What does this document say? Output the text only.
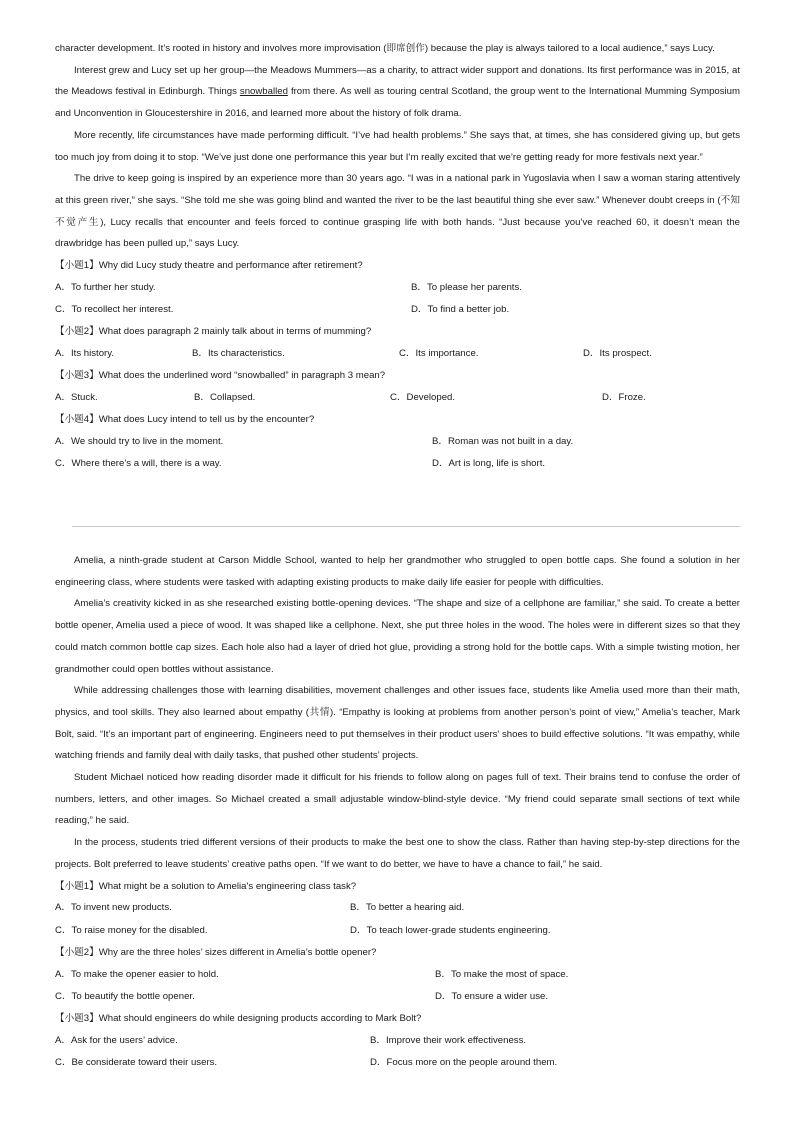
character development. It’s rooted in history and involves more improvisation (即席创作) because the play is always tailored to a local audience,” says Lucy.

Interest grew and Lucy set up her group—the Meadows Mummers—as a charity, to attract wider support and donations. Its first performance was in 2015, at the Meadows festival in Edinburgh. Things snowballed from there. As well as touring central Scotland, the group went to the International Mumming Symposium and Unconvention in Gloucestershire in 2016, and learned more about the history of folk drama.

More recently, life circumstances have made performing difficult. “I’ve had health problems.” She says that, at times, she has considered giving up, but gets too much joy from doing it to stop. “We’ve just done one performance this year but I’m really excited that we’re getting ready for more festivals next year.”

The drive to keep going is inspired by an experience more than 30 years ago. “I was in a national park in Yugoslavia when I saw a woman staring attentively at this green river,” she says. “She told me she was going blind and wanted the river to be the last beautiful thing she ever saw.” Whenever doubt creeps in (不知不觉产生), Lucy recalls that encounter and feels forced to continue grasping life with both hands. “Just because you’ve reached 60, it doesn’t mean the drawbridge has been pulled up,” says Lucy.

【小题1】Why did Lucy study theatre and performance after retirement?
A．To further her study.	B．To please her parents.
C．To recollect her interest.	D．To find a better job.
【小题2】What does paragraph 2 mainly talk about in terms of mumming?
A．Its history.	B．Its characteristics.	C．Its importance.	D．Its prospect.
【小题3】What does the underlined word “snowballed” in paragraph 3 mean?
A．Stuck.	B．Collapsed.	C．Developed.	D．Froze.
【小题4】What does Lucy intend to tell us by the encounter?
A．We should try to live in the moment.	B．Roman was not built in a day.
C．Where there’s a will, there is a way.	D．Art is long, life is short.

Amelia, a ninth-grade student at Carson Middle School, wanted to help her grandmother who struggled to open bottle caps. She found a solution in her engineering class, where students were tasked with adapting existing products to make daily life easier for people with difficulties.

Amelia’s creativity kicked in as she researched existing bottle-opening devices. “The shape and size of a cellphone are familiar,” she said. To create a better bottle opener, Amelia used a piece of wood. It was shaped like a cellphone. Next, she put three holes in the wood. The holes were in different sizes so that they could match common bottle cap sizes. Each hole also had a layer of dried hot glue, providing a strong hold for the bottle caps. With a simple twisting motion, her grandmother could open bottles without assistance.

While addressing challenges those with learning disabilities, movement challenges and other issues face, students like Amelia used more than their math, physics, and tool skills. They also learned about empathy (共情). “Empathy is looking at problems from another person’s point of view,” Amelia’s teacher, Mark Bolt, said. “It’s an important part of engineering. Engineers need to put themselves in their product users’ shoes to build effective solutions. “It was empathy, while watching friends and family deal with daily tasks, that pushed other students’ projects.

Student Michael noticed how reading disorder made it difficult for his friends to follow along on pages full of text. Their brains tend to confuse the order of numbers, letters, and other images. So Michael created a small adjustable window-blind-style device. “My friend could separate small sections of text while reading,” he said.

In the process, students tried different versions of their products to make the best one to show the class. Rather than having step-by-step directions for the projects. Bolt preferred to leave students’ creative paths open. “If we want to do better, we have to have a chance to fail,” he said.

【小题1】What might be a solution to Amelia’s engineering class task?
A．To invent new products.	B．To better a hearing aid.
C．To raise money for the disabled.	D．To teach lower-grade students engineering.
【小题2】Why are the three holes’ sizes different in Amelia’s bottle opener?
A．To make the opener easier to hold.	B．To make the most of space.
C．To beautify the bottle opener.	D．To ensure a wider use.
【小题3】What should engineers do while designing products according to Mark Bolt?
A．Ask for the users’ advice.	B．Improve their work effectiveness.
C．Be considerate toward their users.	D．Focus more on the people around them.
